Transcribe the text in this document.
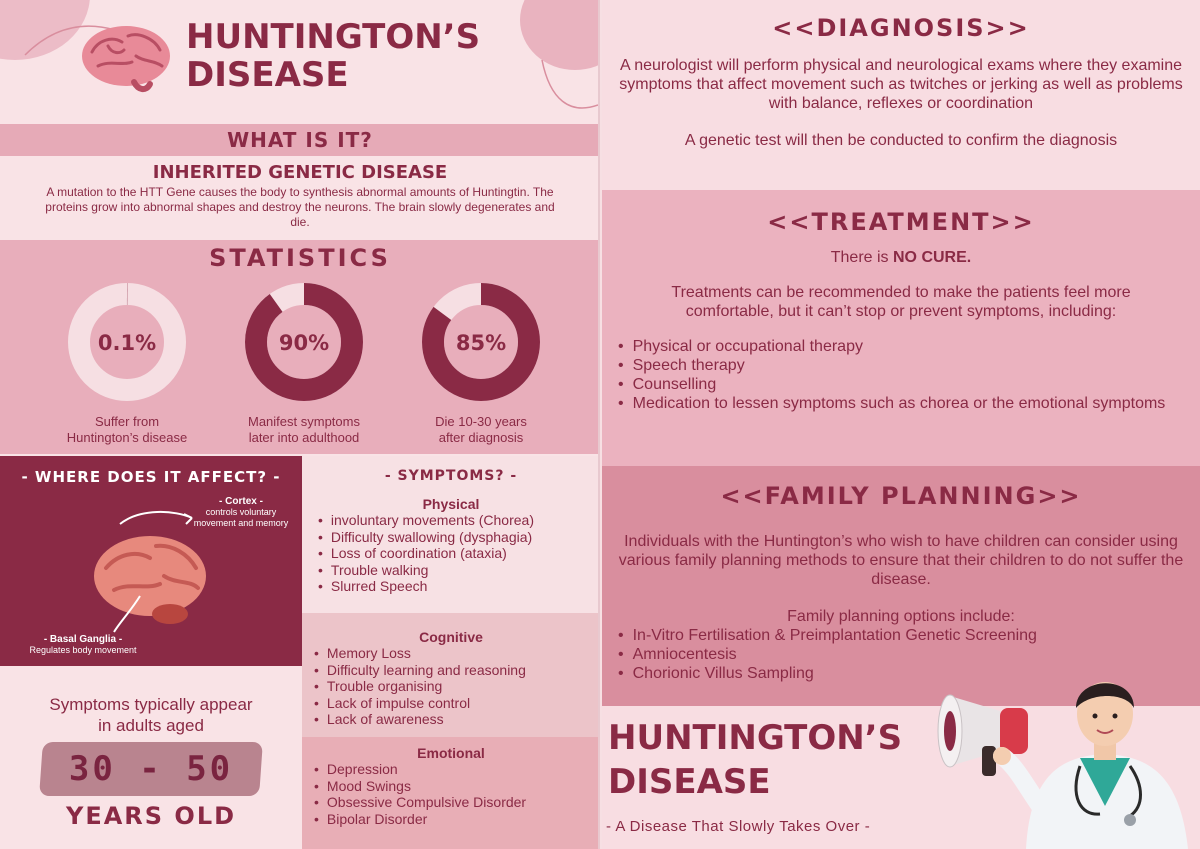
HUNTINGTON’S
DISEASE
WHAT IS IT?
INHERITED GENETIC DISEASE
A mutation to the HTT Gene causes the body to synthesis abnormal amounts of Huntingtin. The proteins grow into abnormal shapes and destroy the neurons. The brain slowly degenerates and die.
STATISTICS
0.1%
Suffer from
Huntington’s disease
90%
Manifest symptoms
later into adulthood
85%
Die 10-30 years
after diagnosis
- WHERE DOES IT AFFECT? -
- Cortex -
controls voluntary
movement and memory
- Basal Ganglia -
Regulates body movement
Symptoms typically appear
in adults aged
30 - 50
YEARS OLD
- SYMPTOMS? -
Physical
• involuntary movements (Chorea)
• Difficulty swallowing (dysphagia)
• Loss of coordination (ataxia)
• Trouble walking
• Slurred Speech
Cognitive
• Memory Loss
• Difficulty learning and reasoning
• Trouble organising
• Lack of impulse control
• Lack of awareness
Emotional
• Depression
• Mood Swings
• Obsessive Compulsive Disorder
• Bipolar Disorder
<<DIAGNOSIS>>
A neurologist will perform physical and neurological exams where they examine symptoms that affect movement such as twitches or jerking as well as problems with balance, reflexes or coordination
A genetic test will then be conducted to confirm the diagnosis
<<TREATMENT>>
There is NO CURE.
Treatments can be recommended to make the patients feel more comfortable, but it can’t stop or prevent symptoms, including:
• Physical or occupational therapy
• Speech therapy
• Counselling
• Medication to lessen symptoms such as chorea or the emotional symptoms
<<FAMILY PLANNING>>
Individuals with the Huntington’s who wish to have children can consider using various family planning methods to ensure that their children to do not suffer the disease.
Family planning options include:
• In-Vitro Fertilisation & Preimplantation Genetic Screening
• Amniocentesis
• Chorionic Villus Sampling
HUNTINGTON’S
DISEASE
- A Disease That Slowly Takes Over -
